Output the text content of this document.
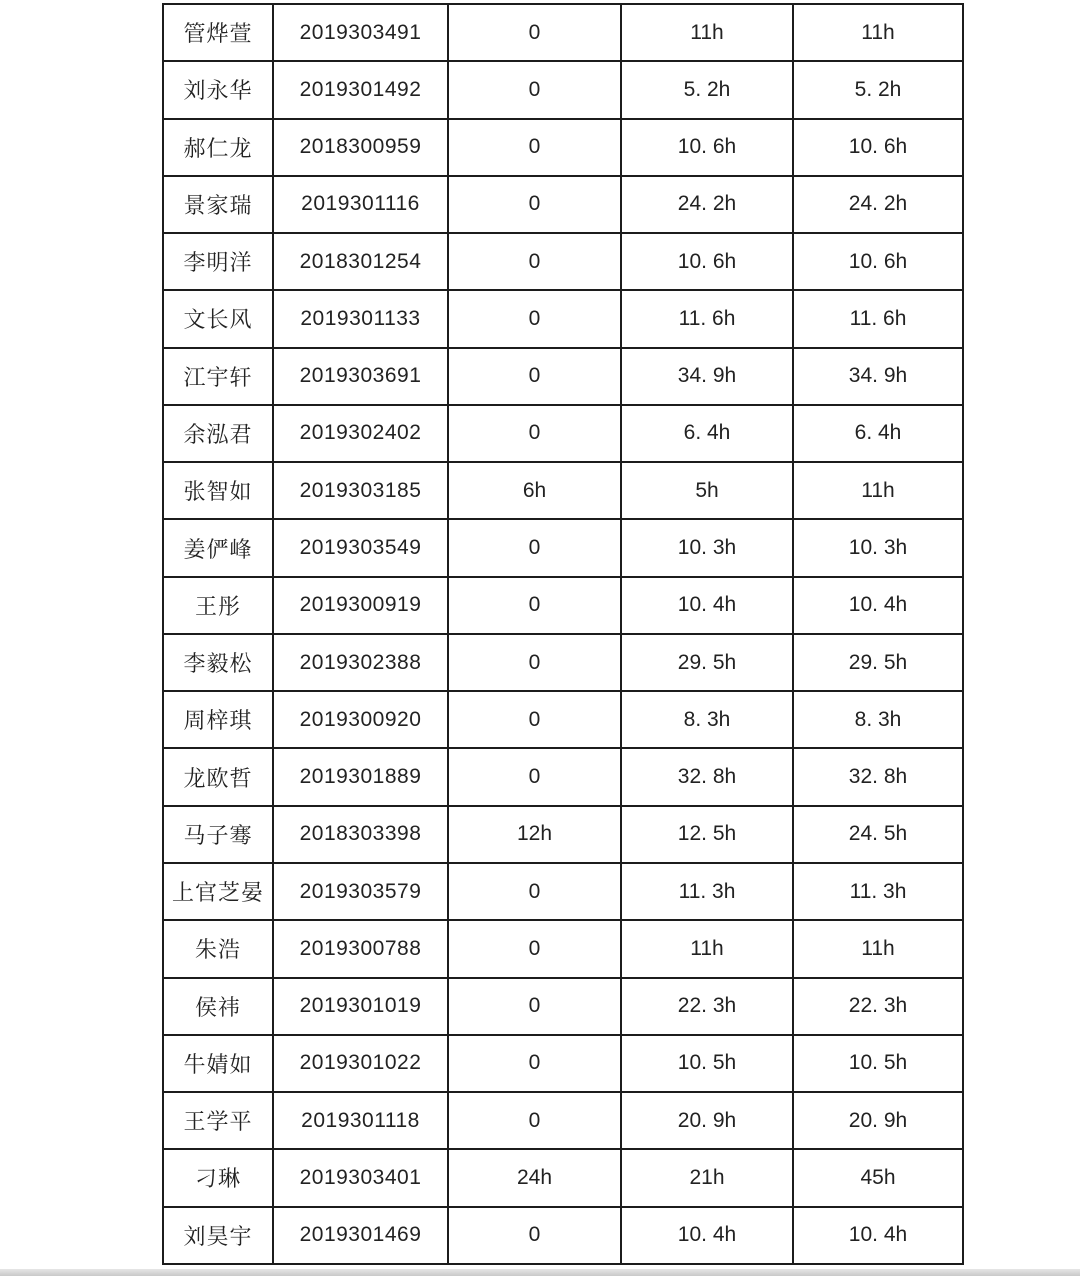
管烨萱	2019303491	0	11h	11h
刘永华	2019301492	0	5. 2h	5. 2h
郝仁龙	2018300959	0	10. 6h	10. 6h
景家瑞	2019301116	0	24. 2h	24. 2h
李明洋	2018301254	0	10. 6h	10. 6h
文长风	2019301133	0	11. 6h	11. 6h
江宇轩	2019303691	0	34. 9h	34. 9h
余泓君	2019302402	0	6. 4h	6. 4h
张智如	2019303185	6h	5h	11h
姜俨峰	2019303549	0	10. 3h	10. 3h
王彤	2019300919	0	10. 4h	10. 4h
李毅松	2019302388	0	29. 5h	29. 5h
周梓琪	2019300920	0	8. 3h	8. 3h
龙欧哲	2019301889	0	32. 8h	32. 8h
马子骞	2018303398	12h	12. 5h	24. 5h
上官芝晏	2019303579	0	11. 3h	11. 3h
朱浩	2019300788	0	11h	11h
侯祎	2019301019	0	22. 3h	22. 3h
牛婧如	2019301022	0	10. 5h	10. 5h
王学平	2019301118	0	20. 9h	20. 9h
刁琳	2019303401	24h	21h	45h
刘昊宇	2019301469	0	10. 4h	10. 4h
